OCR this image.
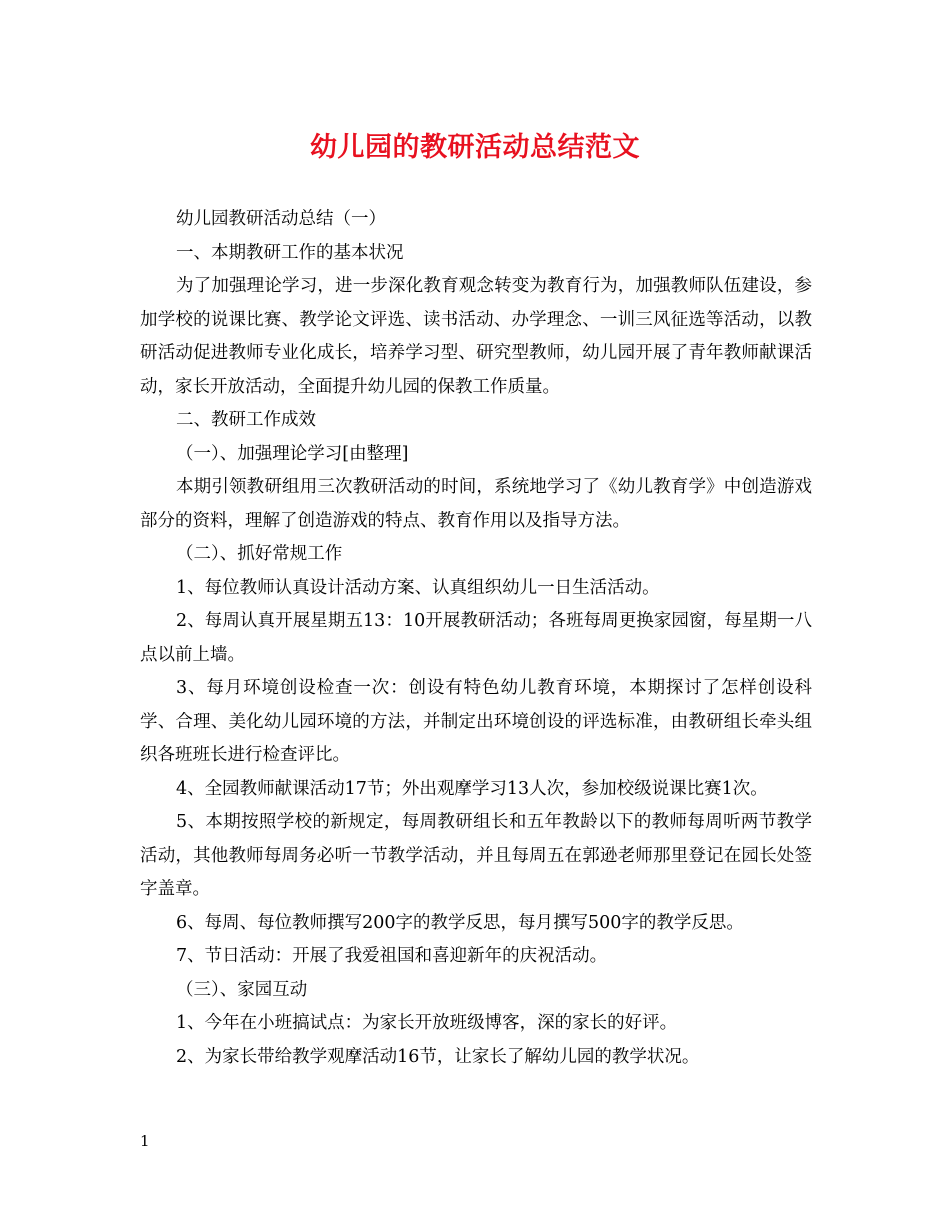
幼儿园的教研活动总结范文

幼儿园教研活动总结（一）

一、本期教研工作的基本状况

为了加强理论学习，进一步深化教育观念转变为教育行为，加强教师队伍建设，参加学校的说课比赛、教学论文评选、读书活动、办学理念、一训三风征选等活动，以教研活动促进教师专业化成长，培养学习型、研究型教师，幼儿园开展了青年教师献课活动，家长开放活动，全面提升幼儿园的保教工作质量。

二、教研工作成效

（一）、加强理论学习[由整理]

本期引领教研组用三次教研活动的时间，系统地学习了《幼儿教育学》中创造游戏部分的资料，理解了创造游戏的特点、教育作用以及指导方法。

（二）、抓好常规工作

1、每位教师认真设计活动方案、认真组织幼儿一日生活活动。

2、每周认真开展星期五13：10开展教研活动；各班每周更换家园窗，每星期一八点以前上墙。

3、每月环境创设检查一次：创设有特色幼儿教育环境，本期探讨了怎样创设科学、合理、美化幼儿园环境的方法，并制定出环境创设的评选标准，由教研组长牵头组织各班班长进行检查评比。

4、全园教师献课活动17节；外出观摩学习13人次，参加校级说课比赛1次。

5、本期按照学校的新规定，每周教研组长和五年教龄以下的教师每周听两节教学活动，其他教师每周务必听一节教学活动，并且每周五在郭逊老师那里登记在园长处签字盖章。

6、每周、每位教师撰写200字的教学反思，每月撰写500字的教学反思。

7、节日活动：开展了我爱祖国和喜迎新年的庆祝活动。

（三）、家园互动

1、今年在小班搞试点：为家长开放班级博客，深的家长的好评。

2、为家长带给教学观摩活动16节，让家长了解幼儿园的教学状况。

1
